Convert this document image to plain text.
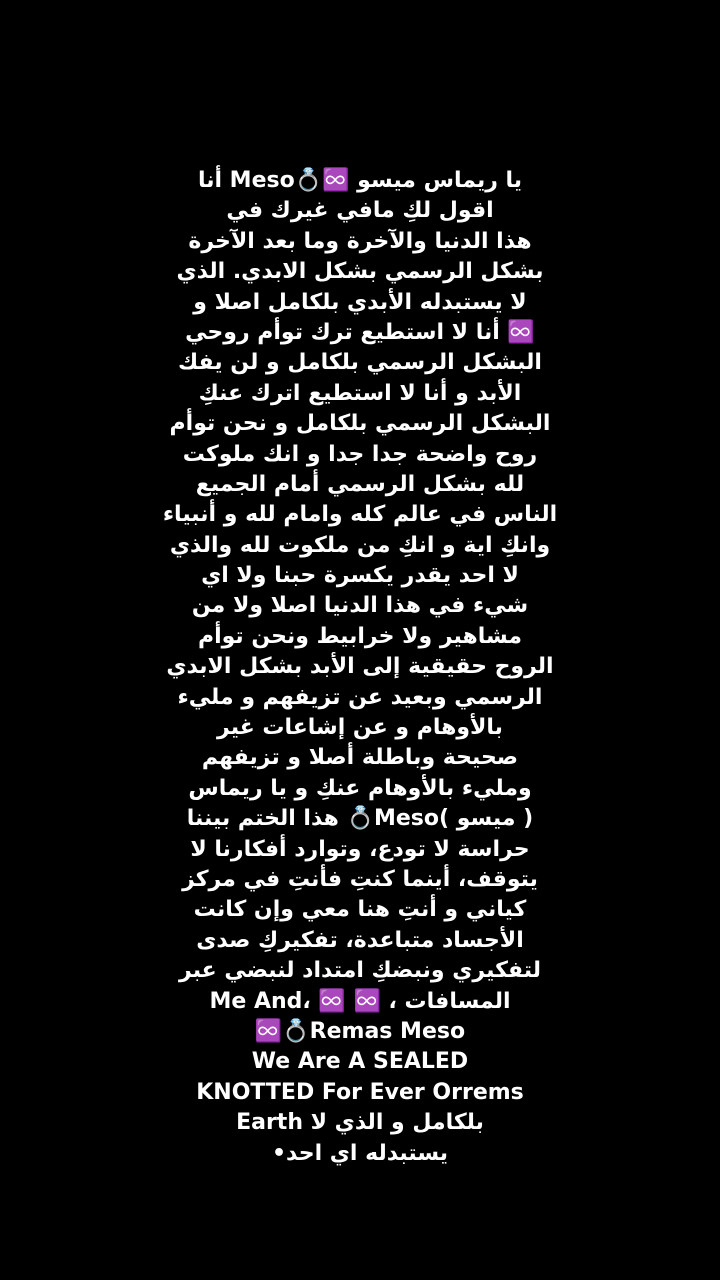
يا ريماس ميسو ♾️💍Meso أنا
اقول لكِ مافي غيرك في
هذا الدنيا والآخرة وما بعد الآخرة
بشكل الرسمي بشكل الابدي. الذي
لا يستبدله الأبدي بلكامل اصلا و
♾️ أنا لا استطيع ترك توأم روحي
البشكل الرسمي بلكامل و لن يفك
الأبد و أنا لا استطيع اترك عنكِ
البشكل الرسمي بلكامل و نحن توأم
روح واضحة جدا جدا و انك ملوكت
لله بشكل الرسمي أمام الجميع
الناس في عالم كله وامام لله و أنبياء
وانكِ اية و انكِ من ملكوت لله والذي
لا احد يقدر يكسرة حبنا ولا اي
شيء في هذا الدنيا اصلا ولا من
مشاهير ولا خرابيط ونحن توأم
الروح حقيقية إلى الأبد بشكل الابدي
الرسمي وبعيد عن تزيفهم و مليء
بالأوهام و عن إشاعات غير
صحيحة وباطلة أصلا و تزيفهم
ومليء بالأوهام عنكِ و يا ريماس
( ميسو )Meso💍 هذا الختم بيننا
حراسة لا تودع، وتوارد أفكارنا لا
يتوقف، أينما كنتِ فأنتِ في مركز
كياني و أنتِ هنا معي وإن كانت
الأجساد متباعدة، تفكيركِ صدى
لتفكيري ونبضكِ امتداد لنبضي عبر
المسافات ، ♾️ ♾️ ،Me And
♾️💍Remas Meso
We Are A SEALED
KNOTTED For Ever Orrems
بلكامل و الذي لا Earth
يستبدله اي احد•
